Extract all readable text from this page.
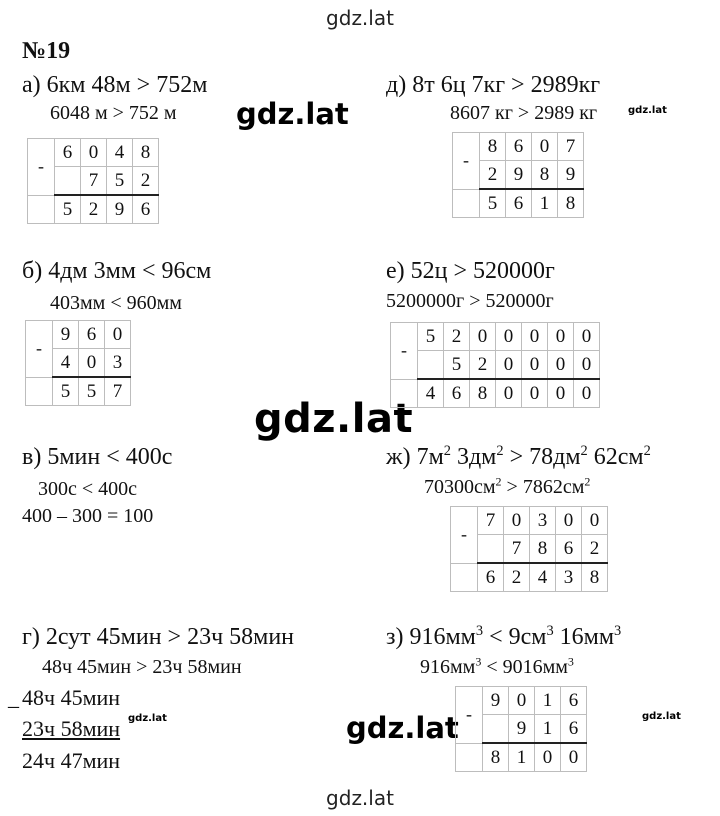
gdz.lat
gdz.lat
gdz.lat
gdz.lat
gdz.lat
gdz.lat
gdz.lat	gdz.lat
№19
а) 6км 48м > 752м
6048 м > 752 м
-	6	0	4	8
		7	5	2
	5	2	9	6
б) 4дм 3мм < 96см
403мм < 960мм
-	9	6	0
	4	0	3
	5	5	7
в) 5мин < 400с
300с < 400с
400 – 300 = 100
г) 2сут 45мин > 23ч 58мин
48ч 45мин > 23ч 58мин
_ 48ч 45мин
23ч 58мин
24ч 47мин
д) 8т 6ц 7кг > 2989кг
8607 кг > 2989 кг
-	8	6	0	7
	2	9	8	9
	5	6	1	8
е) 52ц > 520000г
5200000г > 520000г
-	5	2	0	0	0	0	0
		5	2	0	0	0	0
	4	6	8	0	0	0	0
ж) $7м^2$ $3дм^2 > 78дм^2$ $62см^2$
$70300см^2 > 7862см^2$
-	7	0	3	0	0
		7	8	6	2
	6	2	4	3	8
з) $916мм^3 < 9см^3$ $16мм^3$
$916мм^3 < 9016мм^3$
-	9	0	1	6
		9	1	6
	8	1	0	0
